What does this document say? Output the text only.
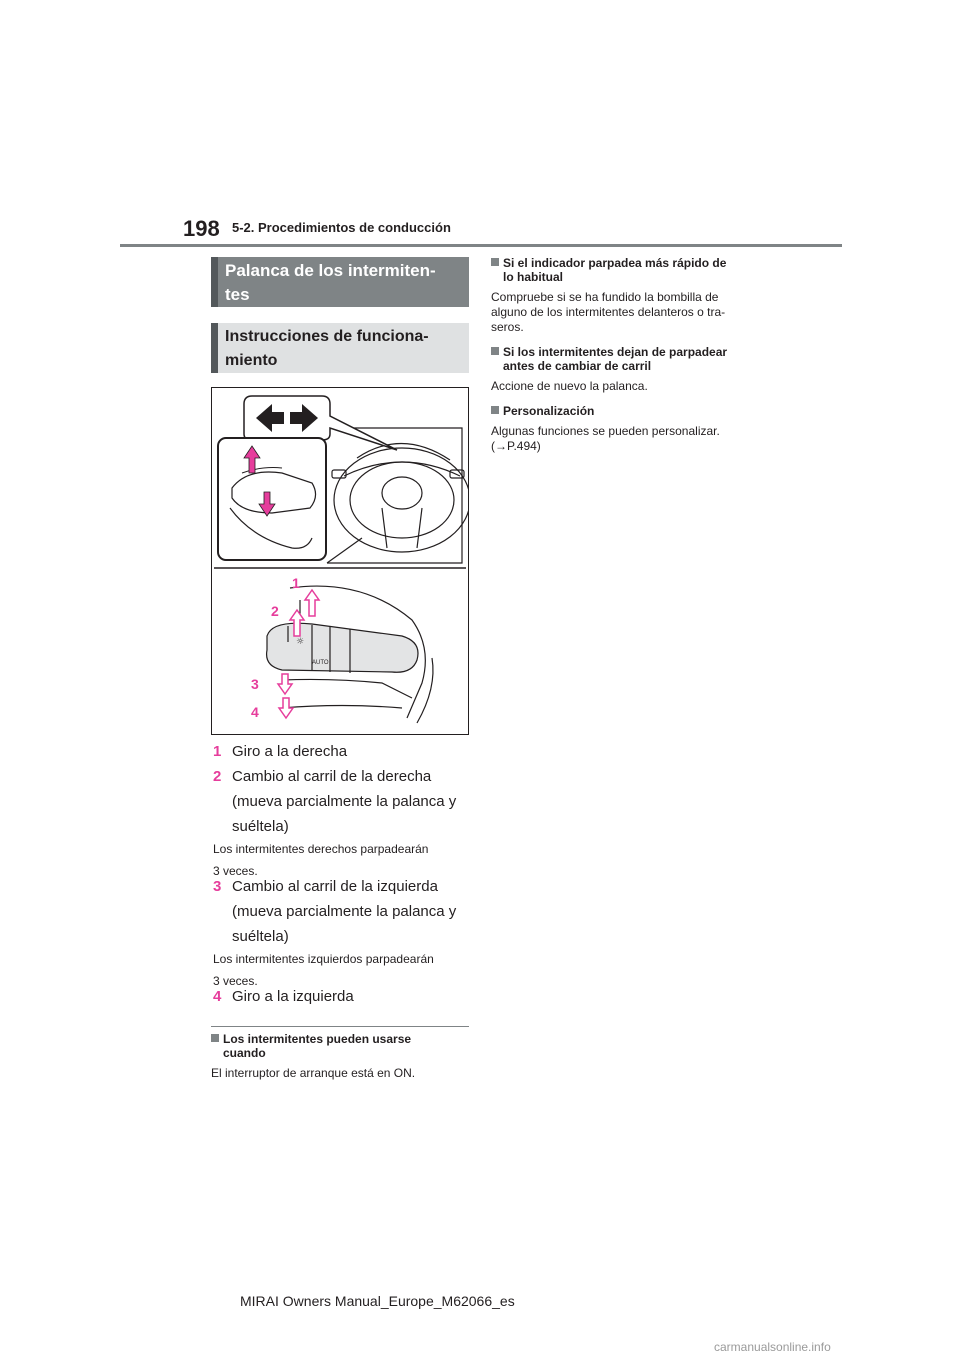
198 5-2. Procedimientos de conducción
Palanca de los intermiten-
tes
Instrucciones de funciona-
miento
1
2
3
4
AUTO
☼
1 Giro a la derecha
2 Cambio al carril de la derecha
(mueva parcialmente la palanca y
suéltela)
Los intermitentes derechos parpadearán
3 veces.
3 Cambio al carril de la izquierda
(mueva parcialmente la palanca y
suéltela)
Los intermitentes izquierdos parpadearán
3 veces.
4 Giro a la izquierda
Los intermitentes pueden usarse
cuando
El interruptor de arranque está en ON.
Si el indicador parpadea más rápido de
lo habitual
Compruebe si se ha fundido la bombilla de
alguno de los intermitentes delanteros o tra-
seros.
Si los intermitentes dejan de parpadear
antes de cambiar de carril
Accione de nuevo la palanca.
Personalización
Algunas funciones se pueden personalizar.
(→P.494)
MIRAI Owners Manual_Europe_M62066_es
carmanualsonline.info
